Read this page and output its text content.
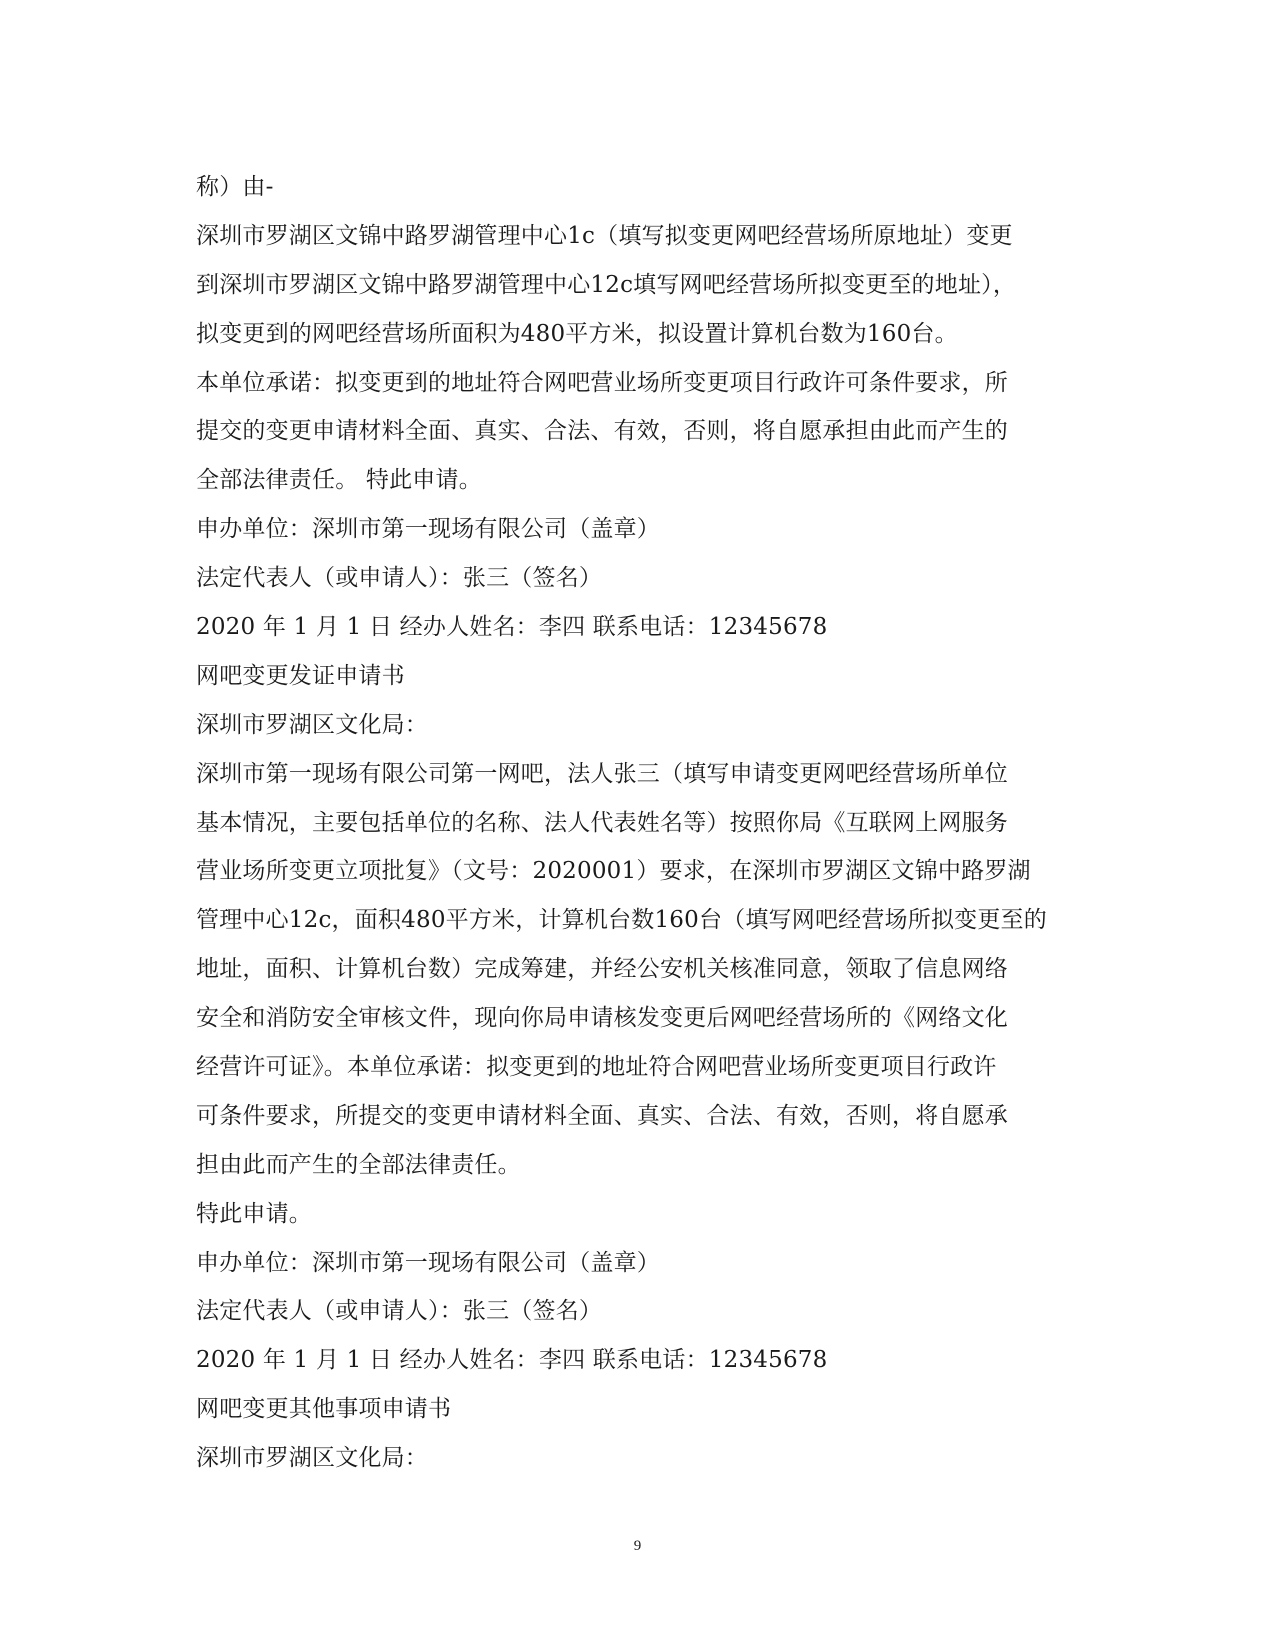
称）由-
深圳市罗湖区文锦中路罗湖管理中心1c（填写拟变更网吧经营场所原地址）变更
到深圳市罗湖区文锦中路罗湖管理中心12c填写网吧经营场所拟变更至的地址），
拟变更到的网吧经营场所面积为480平方米，拟设置计算机台数为160台。
本单位承诺：拟变更到的地址符合网吧营业场所变更项目行政许可条件要求，所
提交的变更申请材料全面、真实、合法、有效，否则，将自愿承担由此而产生的
全部法律责任。 特此申请。
申办单位：深圳市第一现场有限公司（盖章）
法定代表人（或申请人）：张三（签名）
2020 年 1 月 1 日 经办人姓名：李四 联系电话：12345678
网吧变更发证申请书
深圳市罗湖区文化局：
深圳市第一现场有限公司第一网吧，法人张三（填写申请变更网吧经营场所单位
基本情况，主要包括单位的名称、法人代表姓名等）按照你局《互联网上网服务
营业场所变更立项批复》（文号：2020001）要求，在深圳市罗湖区文锦中路罗湖
管理中心12c，面积480平方米，计算机台数160台（填写网吧经营场所拟变更至的
地址，面积、计算机台数）完成筹建，并经公安机关核准同意，领取了信息网络
安全和消防安全审核文件，现向你局申请核发变更后网吧经营场所的《网络文化
经营许可证》。本单位承诺：拟变更到的地址符合网吧营业场所变更项目行政许
可条件要求，所提交的变更申请材料全面、真实、合法、有效，否则，将自愿承
担由此而产生的全部法律责任。
特此申请。
申办单位：深圳市第一现场有限公司（盖章）
法定代表人（或申请人）：张三（签名）
2020 年 1 月 1 日 经办人姓名：李四 联系电话：12345678
网吧变更其他事项申请书
深圳市罗湖区文化局：
9
